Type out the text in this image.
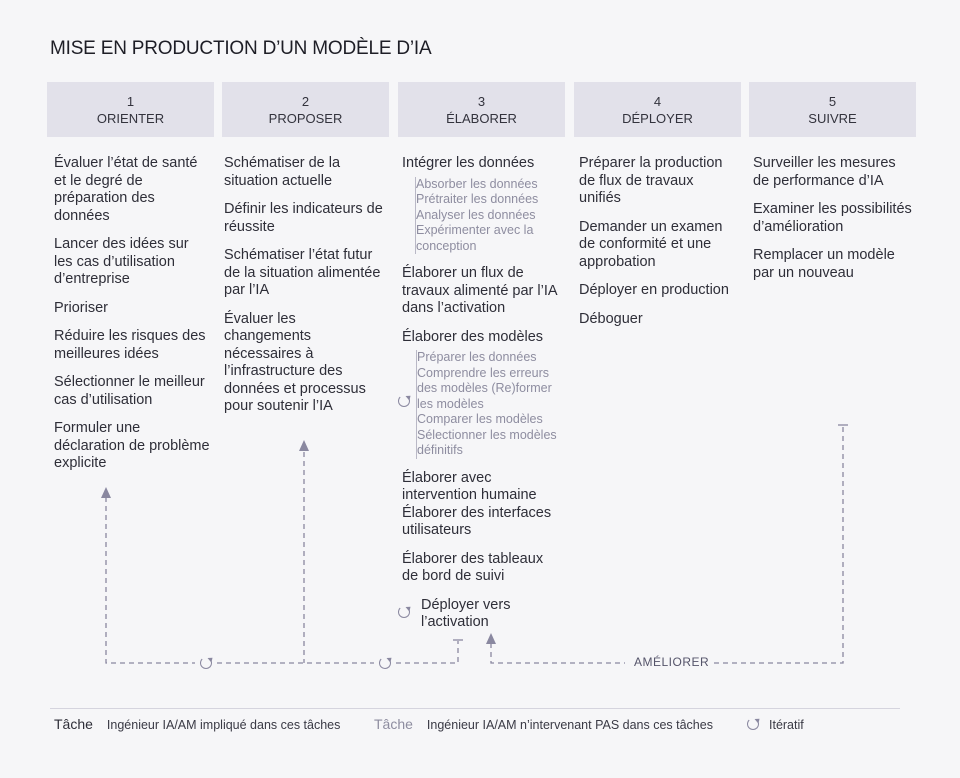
MISE EN PRODUCTION D’UN MODÈLE D’IA
1
ORIENTER
2
PROPOSER
3
ÉLABORER
4
DÉPLOYER
5
SUIVRE
Évaluer l’état de santé et le degré de préparation des données
Lancer des idées sur les cas d’utilisation d’entreprise
Prioriser
Réduire les risques des meilleures idées
Sélectionner le meilleur cas d’utilisation
Formuler une déclaration de problème explicite
Schématiser de la situation actuelle
Définir les indicateurs de réussite
Schématiser l’état futur de la situation alimentée par l’IA
Évaluer les changements nécessaires à l’infrastructure des données et processus pour soutenir l’IA
Intégrer les données
Absorber les données
Prétraiter les données
Analyser les données
Expérimenter avec la conception
Élaborer un flux de travaux alimenté par l’IA dans l’activation
Élaborer des modèles
Préparer les données
Comprendre les erreurs des modèles (Re)former les modèles
Comparer les modèles
Sélectionner les modèles définitifs
Élaborer avec intervention humaine
Élaborer des interfaces utilisateurs
Élaborer des tableaux de bord de suivi
Déployer vers l’activation
Préparer la production de flux de travaux unifiés
Demander un examen de conformité et une approbation
Déployer en production
Déboguer
Surveiller les mesures de performance d’IA
Examiner les possibilités d’amélioration
Remplacer un modèle par un nouveau
AMÉLIORER
Tâche Ingénieur IA/AM impliqué dans ces tâches Tâche Ingénieur IA/AM n’intervenant PAS dans ces tâches	Itératif
